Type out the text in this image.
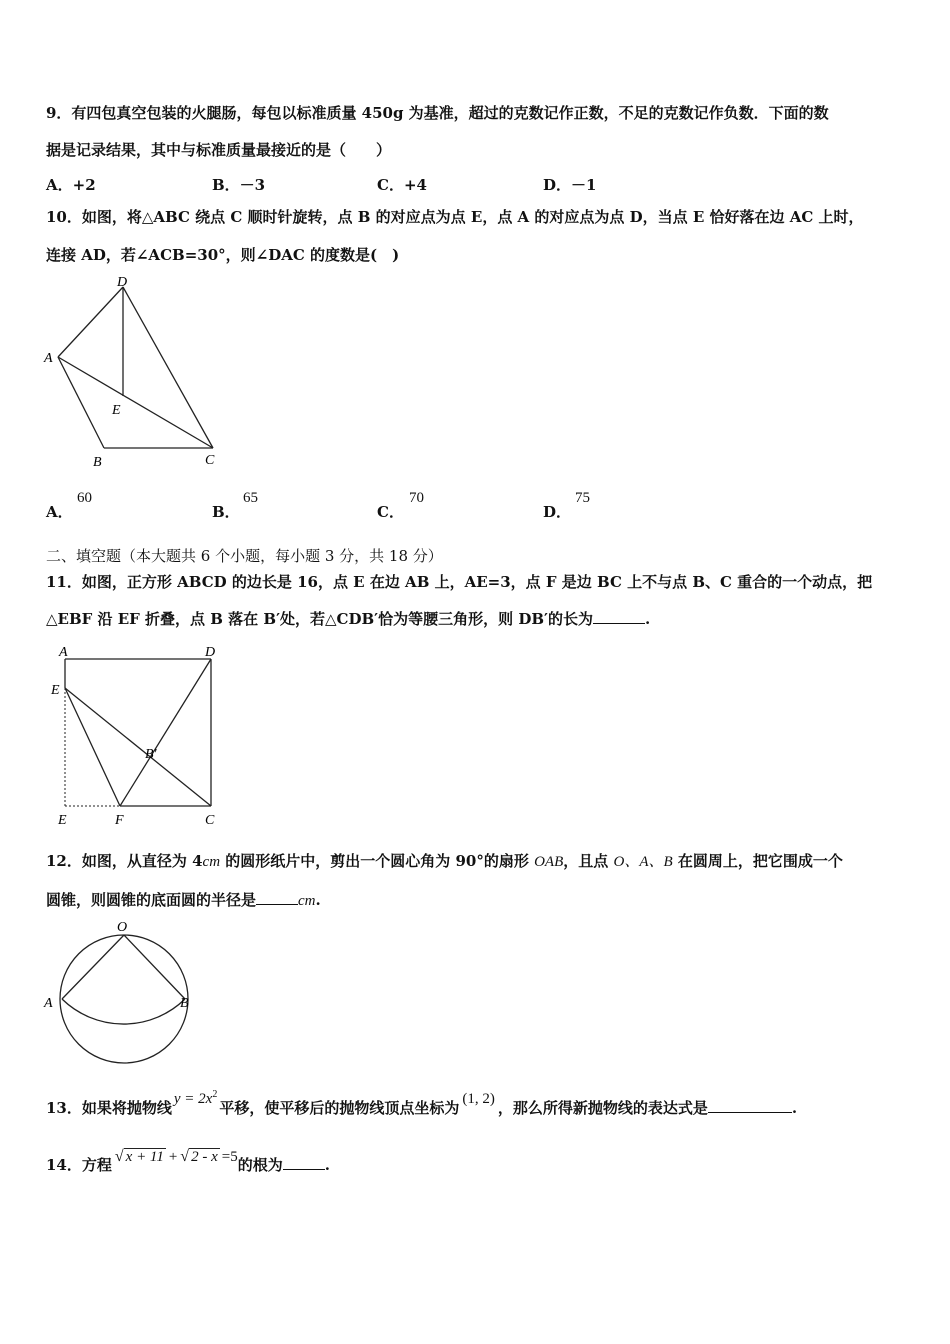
9．有四包真空包装的火腿肠，每包以标准质量 450g 为基准，超过的克数记作正数，不足的克数记作负数．下面的数
据是记录结果，其中与标准质量最接近的是（　　）
A．+2	B．－3	C．+4	D．－1
10．如图，将△ABC 绕点 C 顺时针旋转，点 B 的对应点为点 E，点 A 的对应点为点 D，当点 E 恰好落在边 AC 上时，
连接 AD，若∠ACB=30°，则∠DAC 的度数是(　)
A
D
E
B	C
A．
60
B．
65
C．
70
D．
75
二、填空题（本大题共 6 个小题，每小题 3 分，共 18 分）
11．如图，正方形 ABCD 的边长是 16，点 E 在边 AB 上，AE=3，点 F 是边 BC 上不与点 B、C 重合的一个动点，把
△EBF 沿 EF 折叠，点 B 落在 B′处，若△CDB′恰为等腰三角形，则 DB′的长为	.
A	D
E
B'
E	F	C
12．如图，从直径为 4cm 的圆形纸片中，剪出一个圆心角为 90°的扇形 OAB，且点 O、A、B 在圆周上，把它围成一个
圆锥，则圆锥的底面圆的半径是	cm.
O
A	B
13．如果将抛物线 $y = 2x^2$平移，使平移后的抛物线顶点坐标为 (1, 2) ，那么所得新抛物线的表达式是	.
14．方程 √ x + 11 + √ 2 - x =5的根为	.
